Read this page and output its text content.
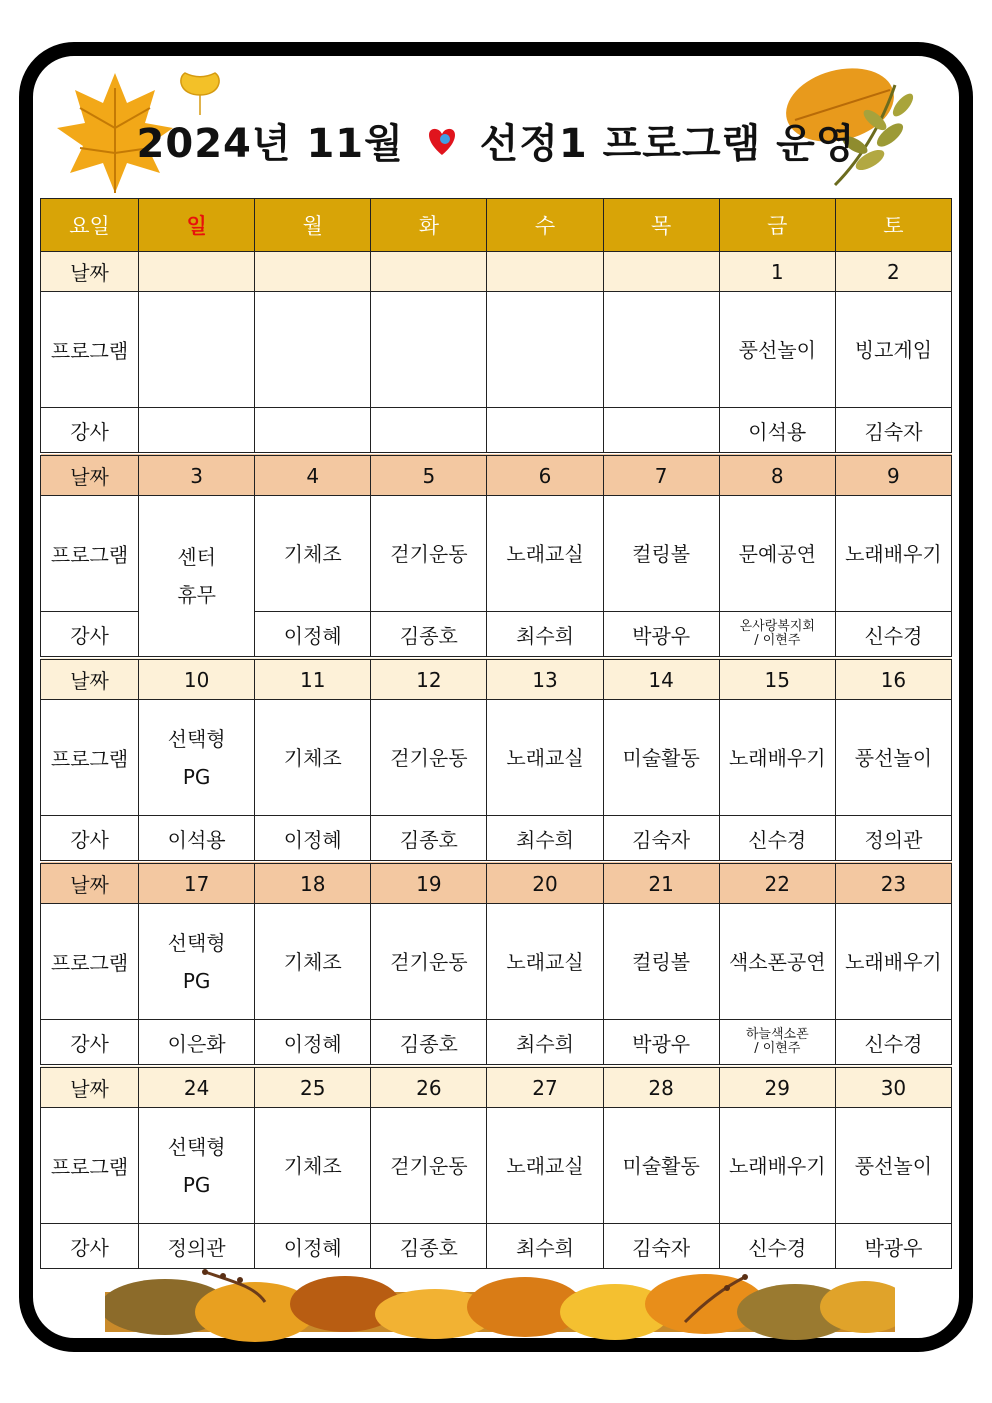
2024년 11월 선정1 프로그램 운영
요일	일	월	화	수	목	금	토
날짜						1	2
프로그램						풍선놀이	빙고게임
강사						이석용	김숙자
날짜	3	4	5	6	7	8	9
프로그램	센터
휴무	기체조	걷기운동	노래교실	컬링볼	문예공연	노래배우기
강사		이정혜	김종호	최수희	박광우	온사랑복지회
/ 이현주	신수경
날짜	10	11	12	13	14	15	16
프로그램	선택형
PG	기체조	걷기운동	노래교실	미술활동	노래배우기	풍선놀이
강사	이석용	이정혜	김종호	최수희	김숙자	신수경	정의관
날짜	17	18	19	20	21	22	23
프로그램	선택형
PG	기체조	걷기운동	노래교실	컬링볼	색소폰공연	노래배우기
강사	이은화	이정혜	김종호	최수희	박광우	하늘색소폰
/ 이현주	신수경
날짜	24	25	26	27	28	29	30
프로그램	선택형
PG	기체조	걷기운동	노래교실	미술활동	노래배우기	풍선놀이
강사	정의관	이정혜	김종호	최수희	김숙자	신수경	박광우
